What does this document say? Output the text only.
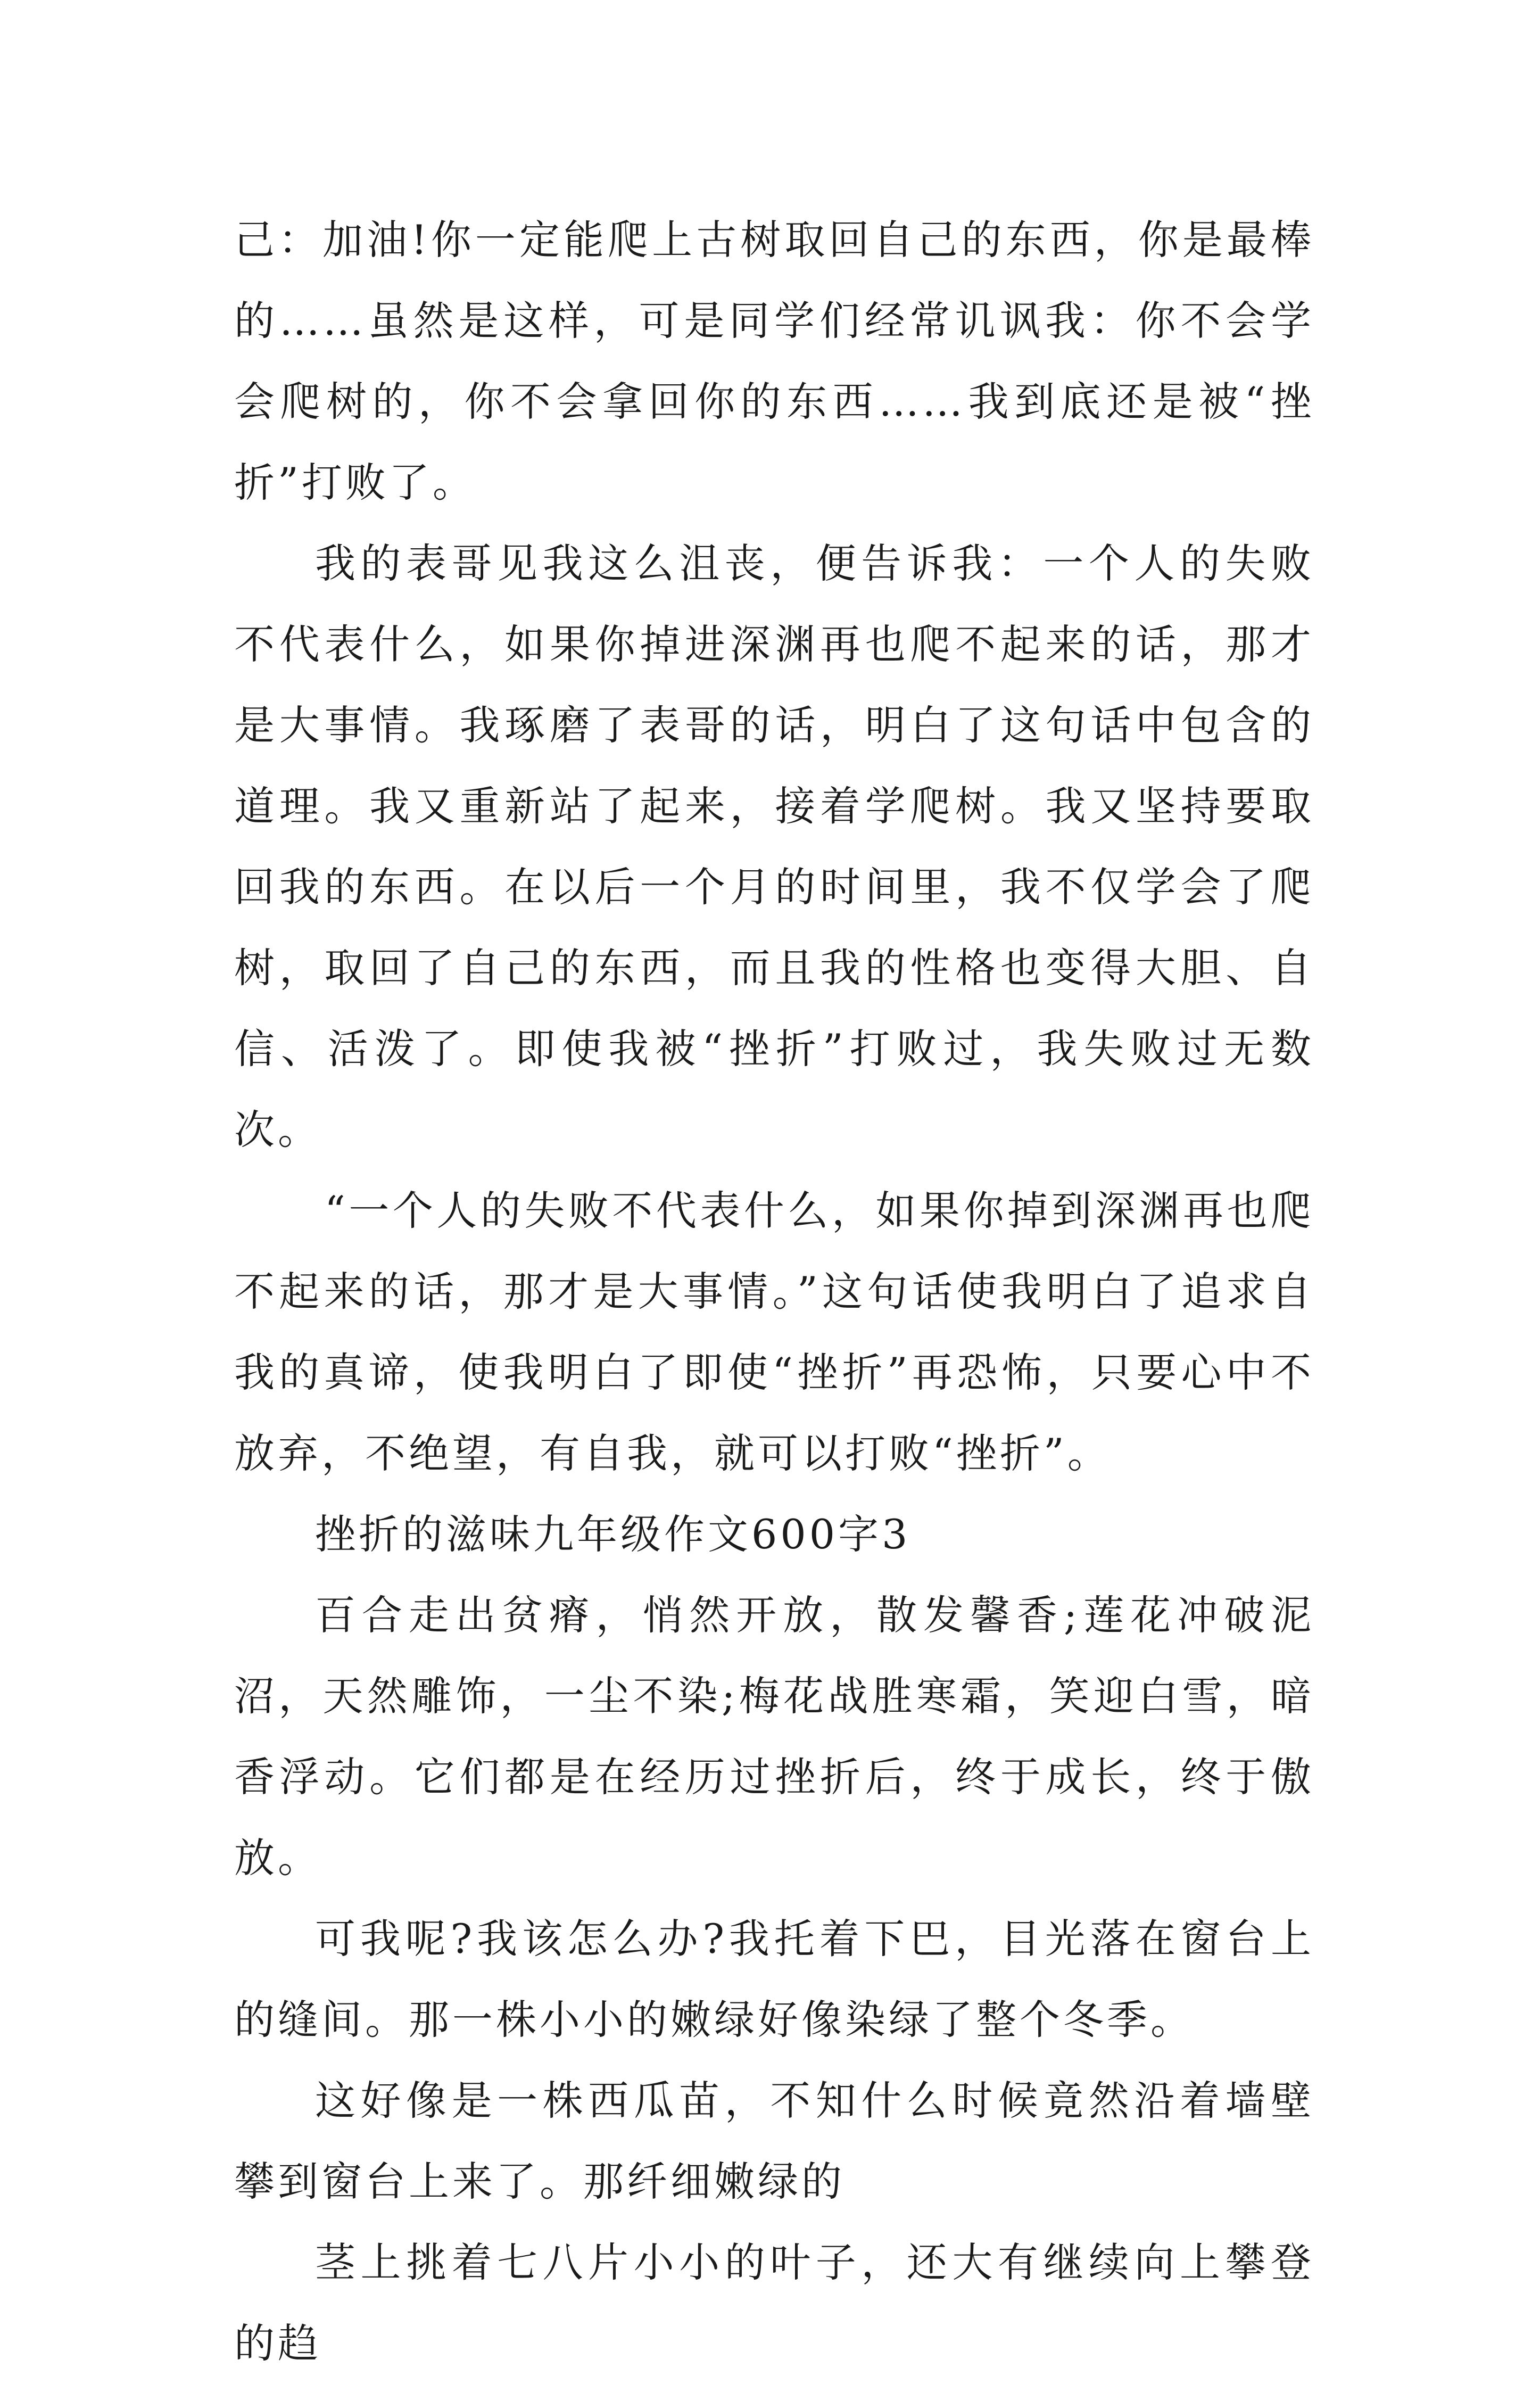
己：加油!你一定能爬上古树取回自己的东西，你是最棒的……虽然是这样，可是同学们经常讥讽我：你不会学会爬树的，你不会拿回你的东西……我到底还是被“挫折”打败了。

我的表哥见我这么沮丧，便告诉我：一个人的失败不代表什么，如果你掉进深渊再也爬不起来的话，那才是大事情。我琢磨了表哥的话，明白了这句话中包含的道理。我又重新站了起来，接着学爬树。我又坚持要取回我的东西。在以后一个月的时间里，我不仅学会了爬树，取回了自己的东西，而且我的性格也变得大胆、自信、活泼了。即使我被“挫折”打败过，我失败过无数次。

“一个人的失败不代表什么，如果你掉到深渊再也爬不起来的话，那才是大事情。”这句话使我明白了追求自我的真谛，使我明白了即使“挫折”再恐怖，只要心中不放弃，不绝望，有自我，就可以打败“挫折”。

挫折的滋味九年级作文600字3

百合走出贫瘠，悄然开放，散发馨香;莲花冲破泥沼，天然雕饰，一尘不染;梅花战胜寒霜，笑迎白雪，暗香浮动。它们都是在经历过挫折后，终于成长，终于傲放。

可我呢?我该怎么办?我托着下巴，目光落在窗台上的缝间。那一株小小的嫩绿好像染绿了整个冬季。

这好像是一株西瓜苗，不知什么时候竟然沿着墙壁攀到窗台上来了。那纤细嫩绿的

茎上挑着七八片小小的叶子，还大有继续向上攀登的趋
